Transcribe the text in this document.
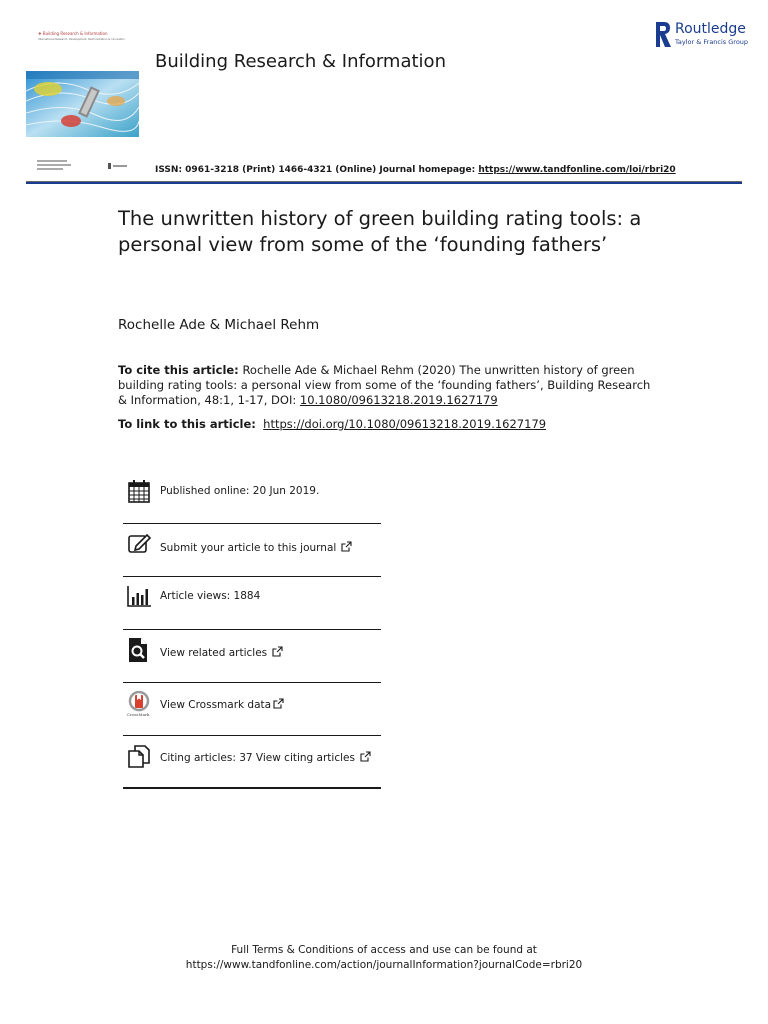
❖ Building Research & Information
International Research, Development, Demonstration & Innovation
Building Research & Information
Routledge
Taylor & Francis Group
ISSN: 0961-3218 (Print) 1466-4321 (Online) Journal homepage: https://www.tandfonline.com/loi/rbri20
The unwritten history of green building rating tools: a personal view from some of the ‘founding fathers’
Rochelle Ade & Michael Rehm
To cite this article: Rochelle Ade & Michael Rehm (2020) The unwritten history of green building rating tools: a personal view from some of the ‘founding fathers’, Building Research & Information, 48:1, 1-17, DOI: 10.1080/09613218.2019.1627179
To link to this article: https://doi.org/10.1080/09613218.2019.1627179
Published online: 20 Jun 2019.
Submit your article to this journal
Article views: 1884
View related articles
CrossMark
View Crossmark data
Citing articles: 37 View citing articles
Full Terms & Conditions of access and use can be found at
https://www.tandfonline.com/action/journalInformation?journalCode=rbri20
